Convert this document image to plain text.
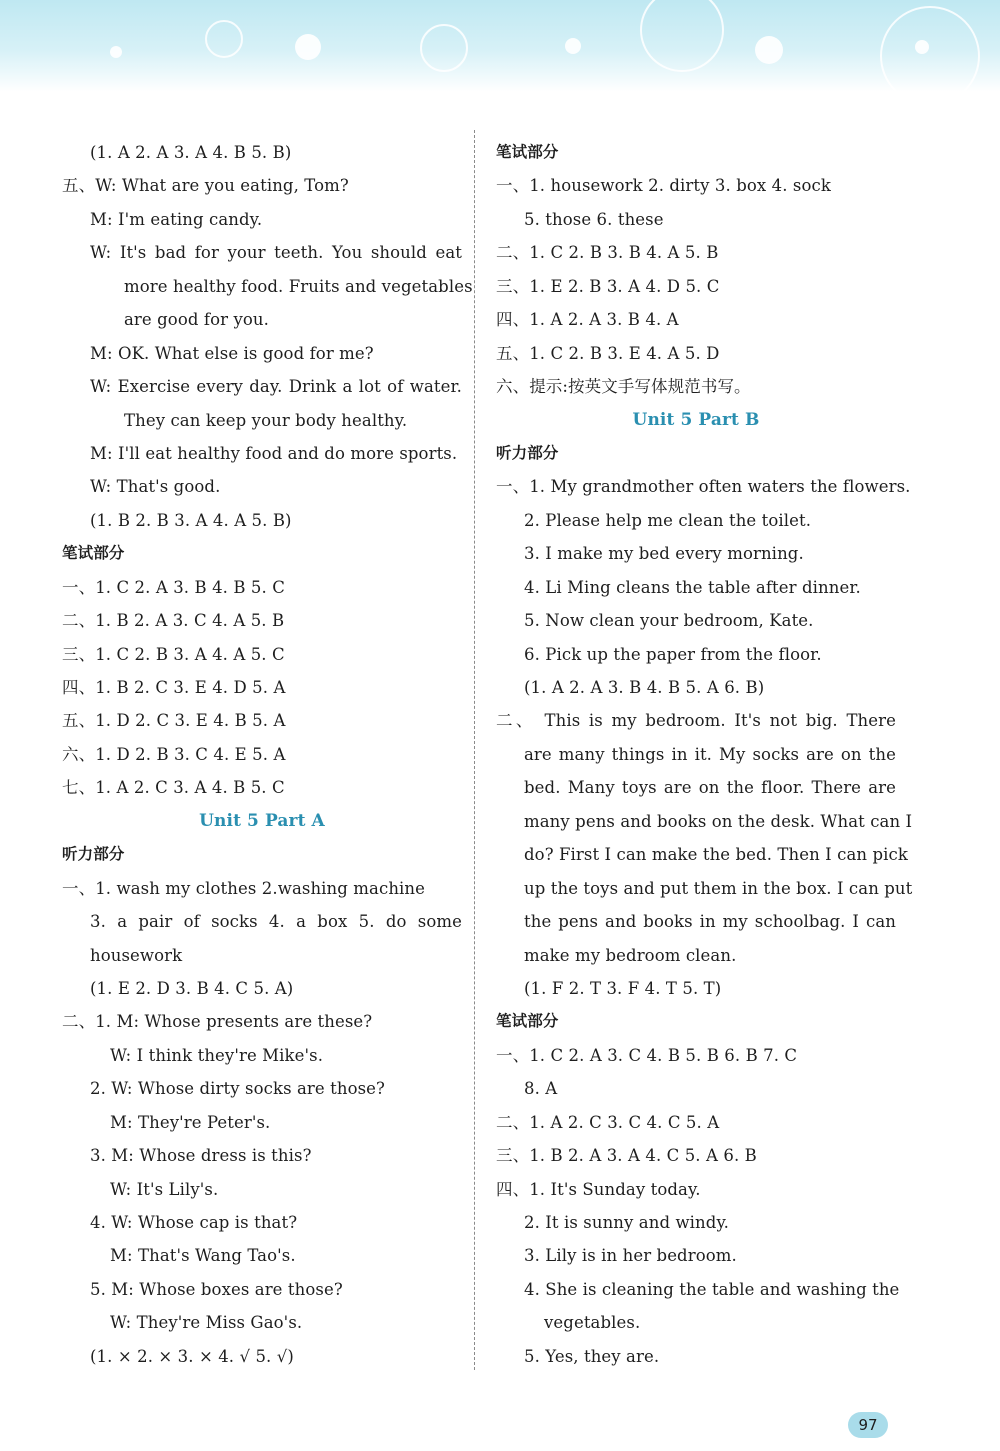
(1. A 2. A 3. A 4. B 5. B)
五、W: What are you eating, Tom?
M: I'm eating candy.
W: It's bad for your teeth. You should eat
more healthy food. Fruits and vegetables
are good for you.
M: OK. What else is good for me?
W: Exercise every day. Drink a lot of water.
They can keep your body healthy.
M: I'll eat healthy food and do more sports.
W: That's good.
(1. B 2. B 3. A 4. A 5. B)
笔试部分
一、1. C 2. A 3. B 4. B 5. C
二、1. B 2. A 3. C 4. A 5. B
三、1. C 2. B 3. A 4. A 5. C
四、1. B 2. C 3. E 4. D 5. A
五、1. D 2. C 3. E 4. B 5. A
六、1. D 2. B 3. C 4. E 5. A
七、1. A 2. C 3. A 4. B 5. C
Unit 5 Part A
听力部分
一、1. wash my clothes 2.washing machine
3. a pair of socks 4. a box 5. do some
housework
(1. E 2. D 3. B 4. C 5. A)
二、1. M: Whose presents are these?
W: I think they're Mike's.
2. W: Whose dirty socks are those?
M: They're Peter's.
3. M: Whose dress is this?
W: It's Lily's.
4. W: Whose cap is that?
M: That's Wang Tao's.
5. M: Whose boxes are those?
W: They're Miss Gao's.
(1. × 2. × 3. × 4. √ 5. √)
笔试部分
一、1. housework 2. dirty 3. box 4. sock
5. those 6. these
二、1. C 2. B 3. B 4. A 5. B
三、1. E 2. B 3. A 4. D 5. C
四、1. A 2. A 3. B 4. A
五、1. C 2. B 3. E 4. A 5. D
六、提示:按英文手写体规范书写。
Unit 5 Part B
听力部分
一、1. My grandmother often waters the flowers.
2. Please help me clean the toilet.
3. I make my bed every morning.
4. Li Ming cleans the table after dinner.
5. Now clean your bedroom, Kate.
6. Pick up the paper from the floor.
(1. A 2. A 3. B 4. B 5. A 6. B)
二、 This is my bedroom. It's not big. There
are many things in it. My socks are on the
bed. Many toys are on the floor. There are
many pens and books on the desk. What can I
do? First I can make the bed. Then I can pick
up the toys and put them in the box. I can put
the pens and books in my schoolbag. I can
make my bedroom clean.
(1. F 2. T 3. F 4. T 5. T)
笔试部分
一、1. C 2. A 3. C 4. B 5. B 6. B 7. C
8. A
二、1. A 2. C 3. C 4. C 5. A
三、1. B 2. A 3. A 4. C 5. A 6. B
四、1. It's Sunday today.
2. It is sunny and windy.
3. Lily is in her bedroom.
4. She is cleaning the table and washing the
vegetables.
5. Yes, they are.
97
